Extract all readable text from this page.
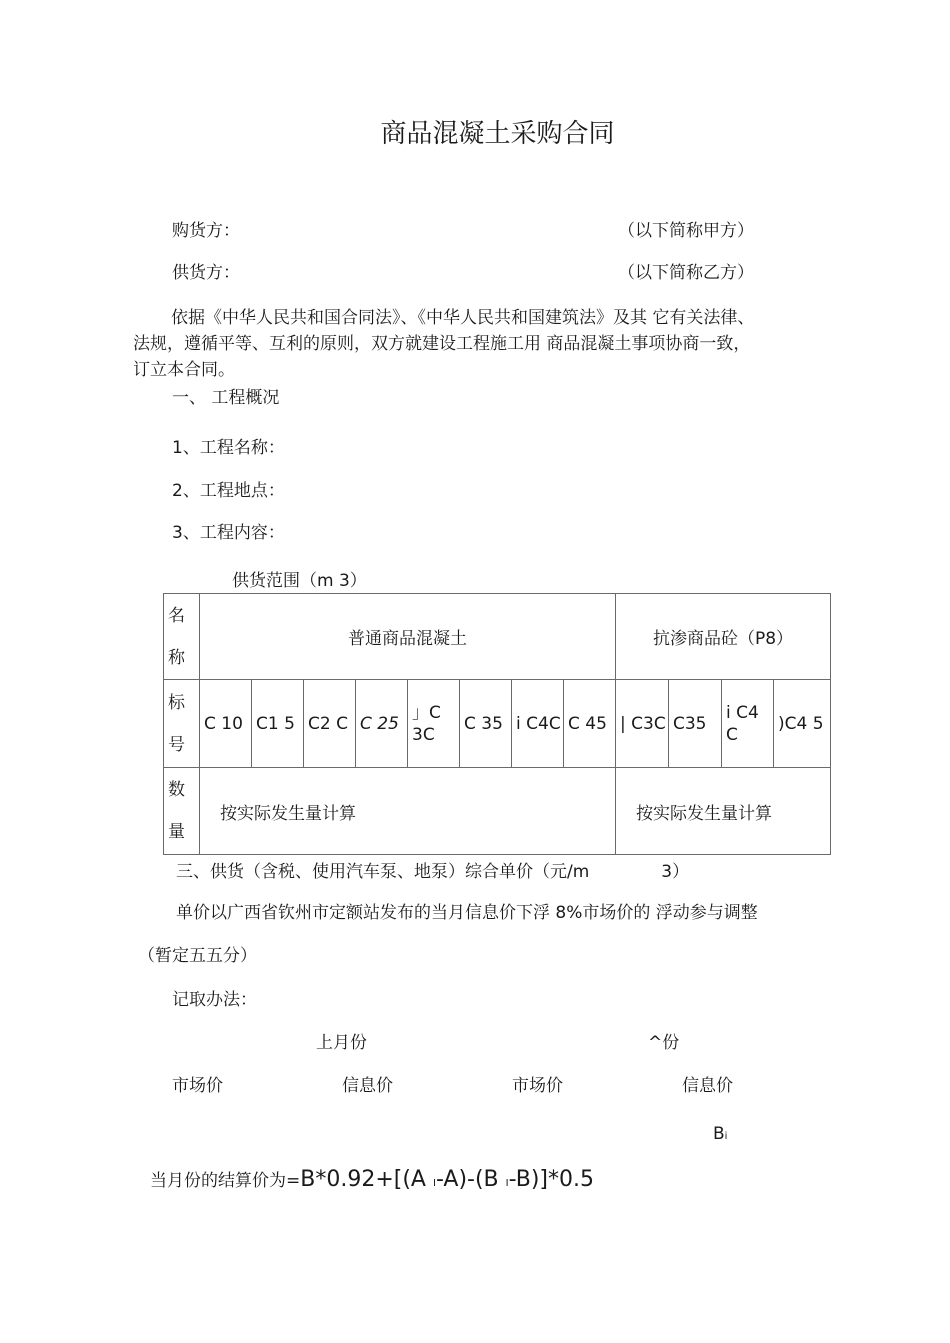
商品混凝土采购合同
购货方：	（以下简称甲方）
供货方：	（以下简称乙方）
依据《中华人民共和国合同法》、《中华人民共和国建筑法》及其 它有关法律、
法规，遵循平等、互利的原则，双方就建设工程施工用 商品混凝土事项协商一致，
订立本合同。
一、 工程概况
1、工程名称：
2、工程地点：
3、工程内容：
供货范围（m 3）
名
称	普通商品混凝土								抗渗商品砼（P8）			

标
号	C 10	C1 5	C2 C	C 25	」C 3C	C 35	i C4C	C 45	| C3C	C35	i C4 C	)C4 5

数
量	按实际发生量计算								按实际发生量计算			
三、供货（含税、使用汽车泵、地泵）综合单价（元/m	3）
单价以广西省钦州市定额站发布的当月信息价下浮 8%市场价的 浮动参与调整
（暂定五五分）
记取办法：
上月份	^份
市场价	信息价	市场价	信息价
Bi
当月份的结算价为=B*0.92+[(A I-A)-(B I-B)]*0.5
